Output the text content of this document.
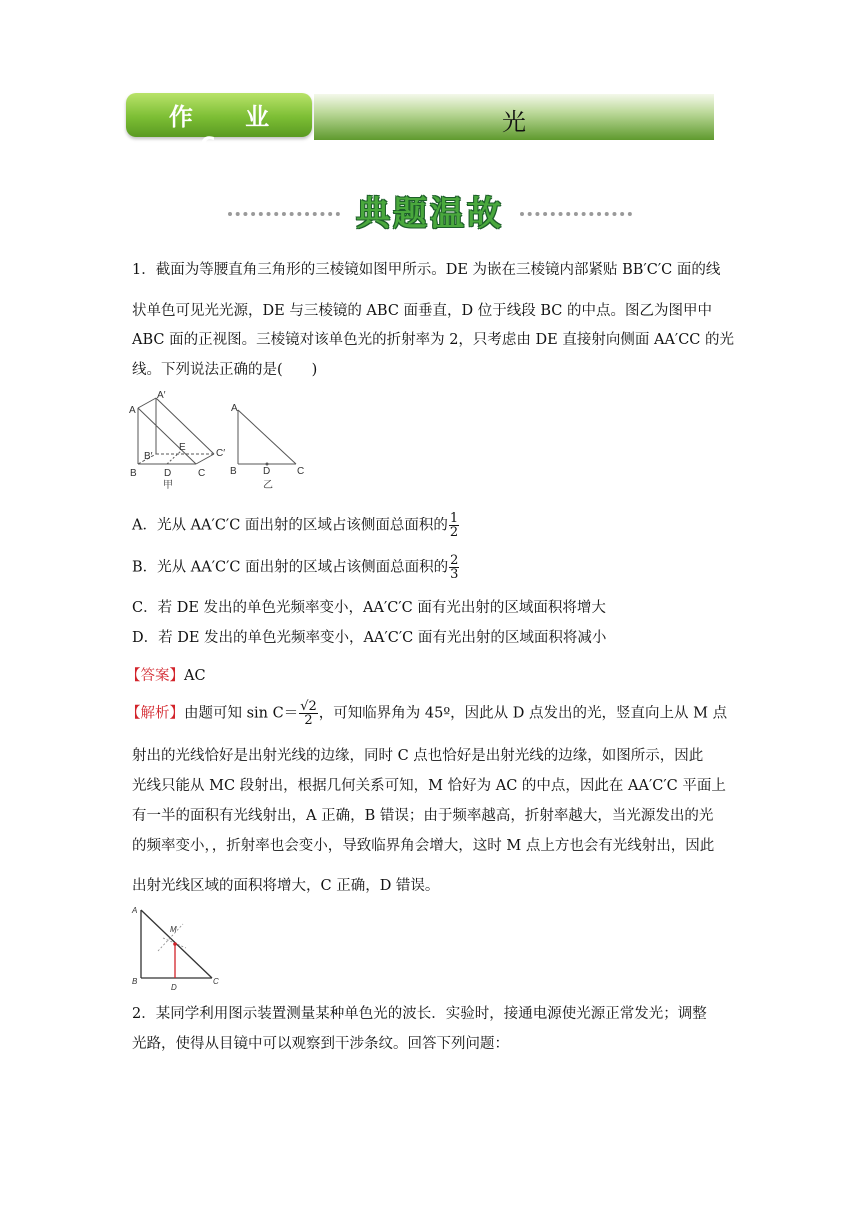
作 业 6
光
典题温故
1．截面为等腰直角三角形的三棱镜如图甲所示。DE 为嵌在三棱镜内部紧贴 BB′C′C 面的线
状单色可见光光源，DE 与三棱镜的 ABC 面垂直，D 位于线段 BC 的中点。图乙为图甲中
ABC 面的正视图。三棱镜对该单色光的折射率为 2，只考虑由 DE 直接射向侧面 AA′CC 的光
线。下列说法正确的是(　　)
A
A′
B
B′
C
C′
D
E
甲
A
B	D	C
乙
A．光从 AA′C′C 面出射的区域占该侧面总面积的 $\frac{1}{2}$
B．光从 AA′C′C 面出射的区域占该侧面总面积的 $\frac{2}{3}$
C．若 DE 发出的单色光频率变小，AA′C′C 面有光出射的区域面积将增大
D．若 DE 发出的单色光频率变小，AA′C′C 面有光出射的区域面积将减小
【答案】AC
【解析】由题可知 $\sin C= \frac{√2}{2}$ ，可知临界角为 45º，因此从 D 点发出的光，竖直向上从 M 点
射出的光线恰好是出射光线的边缘，同时 C 点也恰好是出射光线的边缘，如图所示，因此
光线只能从 MC 段射出，根据几何关系可知，M 恰好为 AC 的中点，因此在 AA′C′C 平面上
有一半的面积有光线射出，A 正确，B 错误；由于频率越高，折射率越大，当光源发出的光
的频率变小，，折射率也会变小，导致临界角会增大，这时 M 点上方也会有光线射出，因此
出射光线区域的面积将增大，C 正确，D 错误。
A
B	C
D
M
2．某同学利用图示装置测量某种单色光的波长．实验时，接通电源使光源正常发光；调整
光路，使得从目镜中可以观察到干涉条纹。回答下列问题：
